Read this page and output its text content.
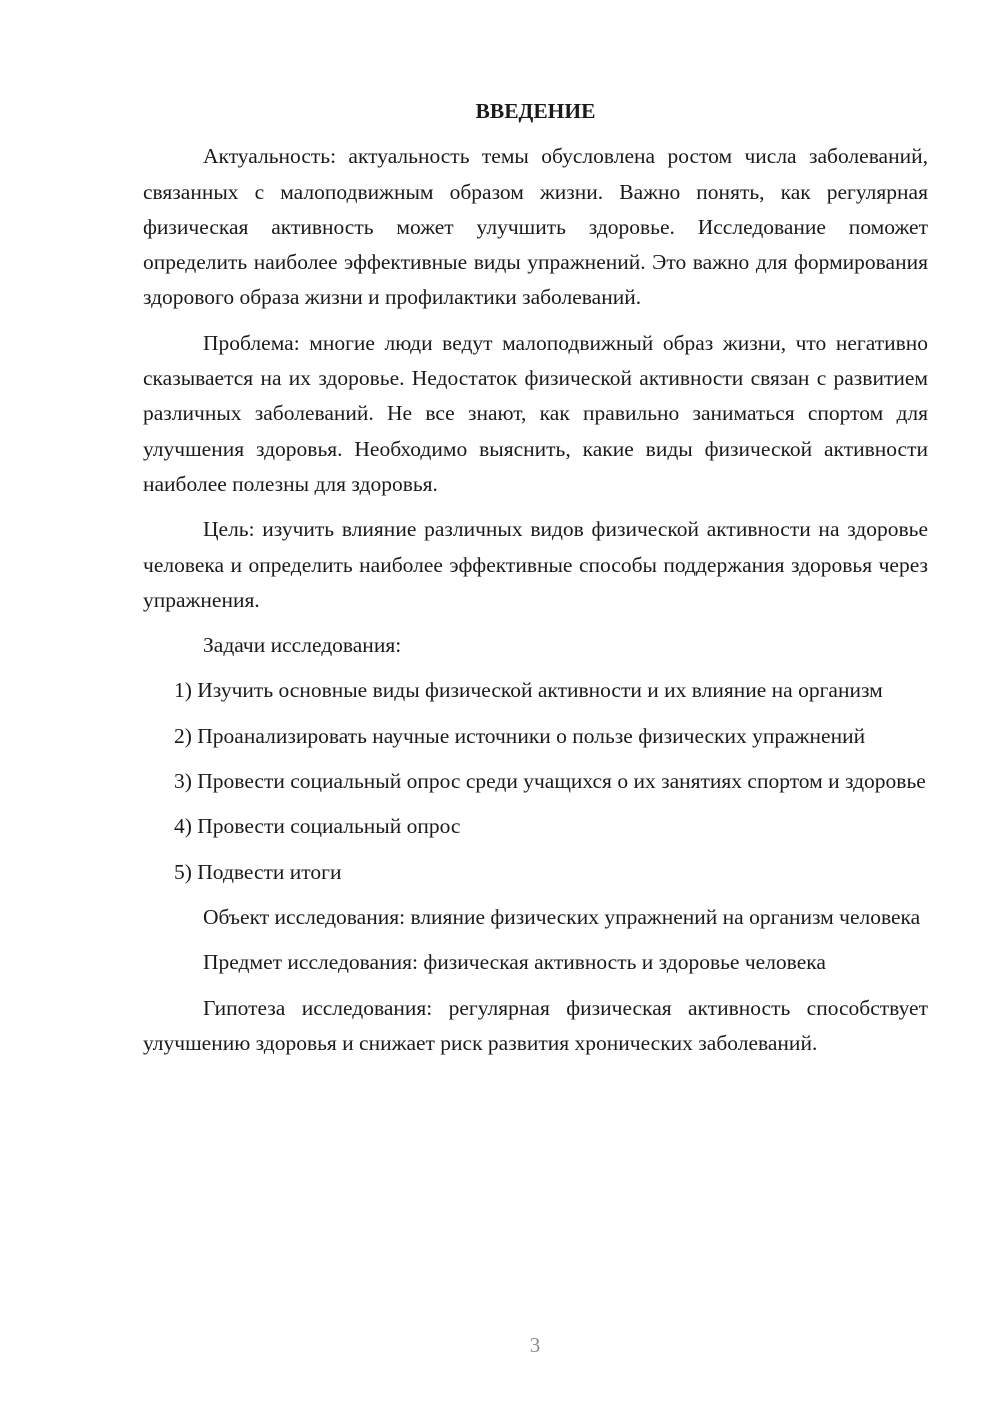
ВВЕДЕНИЕ

Актуальность: актуальность темы обусловлена ростом числа заболеваний, связанных с малоподвижным образом жизни. Важно понять, как регулярная физическая активность может улучшить здоровье. Исследование поможет определить наиболее эффективные виды упражнений. Это важно для формирования здорового образа жизни и профилактики заболеваний.

Проблема: многие люди ведут малоподвижный образ жизни, что негативно сказывается на их здоровье. Недостаток физической активности связан с развитием различных заболеваний. Не все знают, как правильно заниматься спортом для улучшения здоровья. Необходимо выяснить, какие виды физической активности наиболее полезны для здоровья.

Цель: изучить влияние различных видов физической активности на здоровье человека и определить наиболее эффективные способы поддержания здоровья через упражнения.

Задачи исследования:

1) Изучить основные виды физической активности и их влияние на организм

2) Проанализировать научные источники о пользе физических упражнений

3) Провести социальный опрос среди учащихся о их занятиях спортом и здоровье

4) Провести социальный опрос

5) Подвести итоги

Объект исследования: влияние физических упражнений на организм человека

Предмет исследования: физическая активность и здоровье человека

Гипотеза исследования: регулярная физическая активность способствует улучшению здоровья и снижает риск развития хронических заболеваний.

3
